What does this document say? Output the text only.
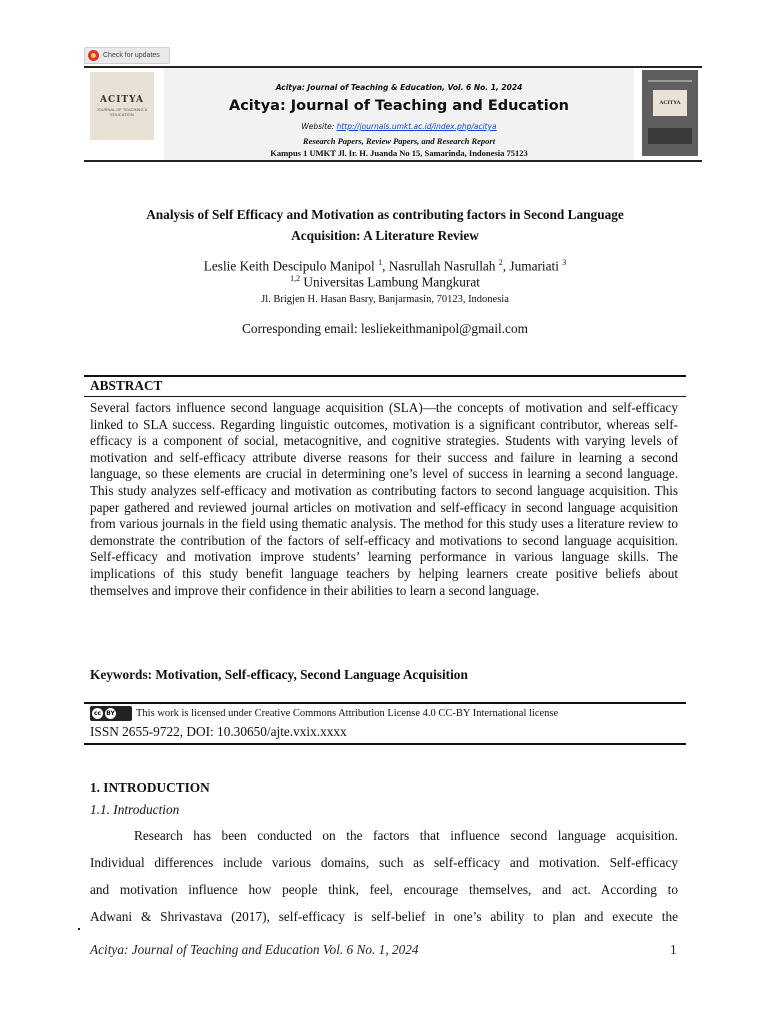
Check for updates
ACITYA
JOURNAL OF TEACHING & EDUCATION
Acitya: Journal of Teaching & Education, Vol. 6 No. 1, 2024
Acitya: Journal of Teaching and Education
Website: http://journals.umkt.ac.id/index.php/acitya
Research Papers, Review Papers, and Research Report
Kampus 1 UMKT Jl. Ir. H. Juanda No 15, Samarinda, Indonesia 75123
ACITYA
Analysis of Self Efficacy and Motivation as contributing factors in Second Language
Acquisition: A Literature Review
Leslie Keith Descipulo Manipol $^1$, Nasrullah Nasrullah $^2$, Jumariati $^3$
$^{1,2}$ Universitas Lambung Mangkurat
Jl. Brigjen H. Hasan Basry, Banjarmasin, 70123, Indonesia
Corresponding email: lesliekeithmanipol@gmail.com
ABSTRACT
Several factors influence second language acquisition (SLA)—the concepts of motivation and self-efficacy linked to SLA success. Regarding linguistic outcomes, motivation is a significant contributor, whereas self-efficacy is a component of social, metacognitive, and cognitive strategies. Students with varying levels of motivation and self-efficacy attribute diverse reasons for their success and failure in learning a second language, so these elements are crucial in determining one’s level of success in learning a second language. This study analyzes self-efficacy and motivation as contributing factors to second language acquisition. This paper gathered and reviewed journal articles on motivation and self-efficacy in second language acquisition from various journals in the field using thematic analysis. The method for this study uses a literature review to demonstrate the contribution of the factors of self-efficacy and motivations to second language acquisition. Self-efficacy and motivation improve students’ learning performance in various language skills. The implications of this study benefit language teachers by helping learners create positive beliefs about themselves and improve their confidence in their abilities to learn a second language.
Keywords: Motivation, Self-efficacy, Second Language Acquisition
cc BY This work is licensed under Creative Commons Attribution License 4.0 CC-BY International license
ISSN 2655-9722, DOI: 10.30650/ajte.vxix.xxxx
1. INTRODUCTION
1.1. Introduction
Research has been conducted on the factors that influence second language acquisition.
Individual differences include various domains, such as self-efficacy and motivation. Self-efficacy
and motivation influence how people think, feel, encourage themselves, and act. According to
Adwani & Shrivastava (2017), self-efficacy is self-belief in one’s ability to plan and execute the
Acitya: Journal of Teaching and Education Vol. 6 No. 1, 2024	1
